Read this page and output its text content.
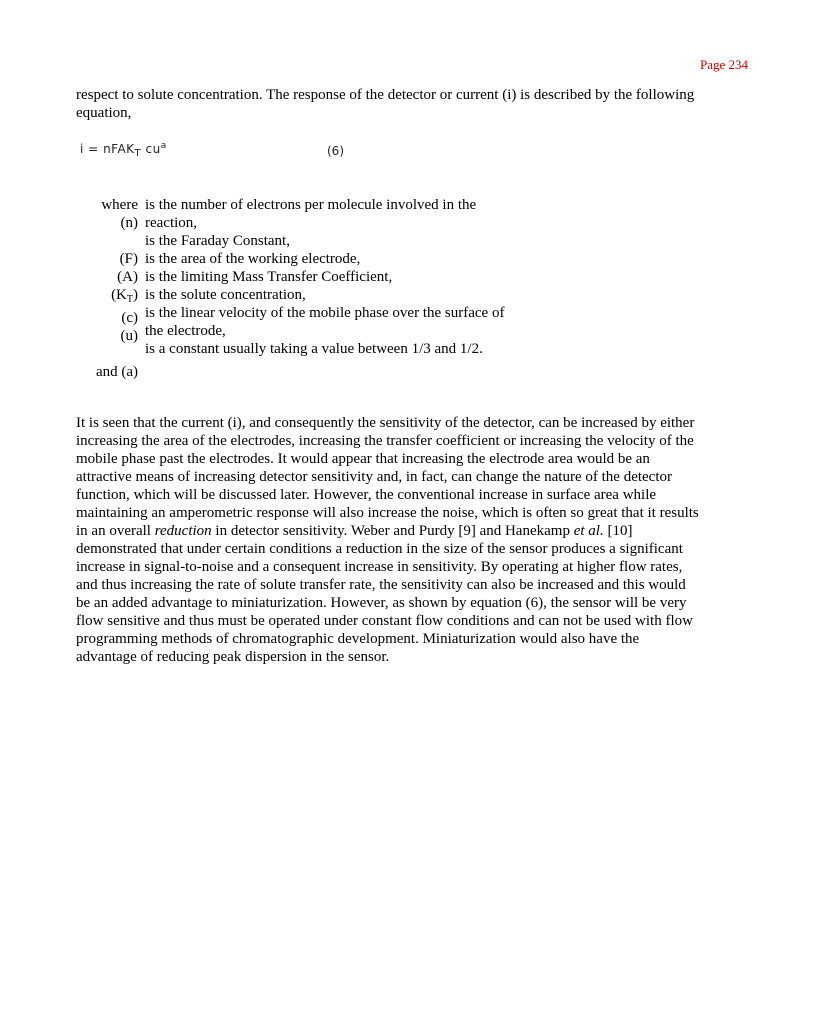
Page 234

respect to solute concentration. The response of the detector or current (i) is described by the following
equation,

i = nFAK$_T$ $cu^a$	(6)
where
(n)

(F)
(A)
$(K_T)$
(c)
(u)

and (a)
is the number of electrons per molecule involved in the
reaction,
is the Faraday Constant,
is the area of the working electrode,
is the limiting Mass Transfer Coefficient,
is the solute concentration,
is the linear velocity of the mobile phase over the surface of
the electrode,
is a constant usually taking a value between 1/3 and 1/2.

It is seen that the current (i), and consequently the sensitivity of the detector, can be increased by either
increasing the area of the electrodes, increasing the transfer coefficient or increasing the velocity of the
mobile phase past the electrodes. It would appear that increasing the electrode area would be an
attractive means of increasing detector sensitivity and, in fact, can change the nature of the detector
function, which will be discussed later. However, the conventional increase in surface area while
maintaining an amperometric response will also increase the noise, which is often so great that it results
in an overall reduction in detector sensitivity. Weber and Purdy [9] and Hanekamp et al. [10]
demonstrated that under certain conditions a reduction in the size of the sensor produces a significant
increase in signal-to-noise and a consequent increase in sensitivity. By operating at higher flow rates,
and thus increasing the rate of solute transfer rate, the sensitivity can also be increased and this would
be an added advantage to miniaturization. However, as shown by equation (6), the sensor will be very
flow sensitive and thus must be operated under constant flow conditions and can not be used with flow
programming methods of chromatographic development. Miniaturization would also have the
advantage of reducing peak dispersion in the sensor.
